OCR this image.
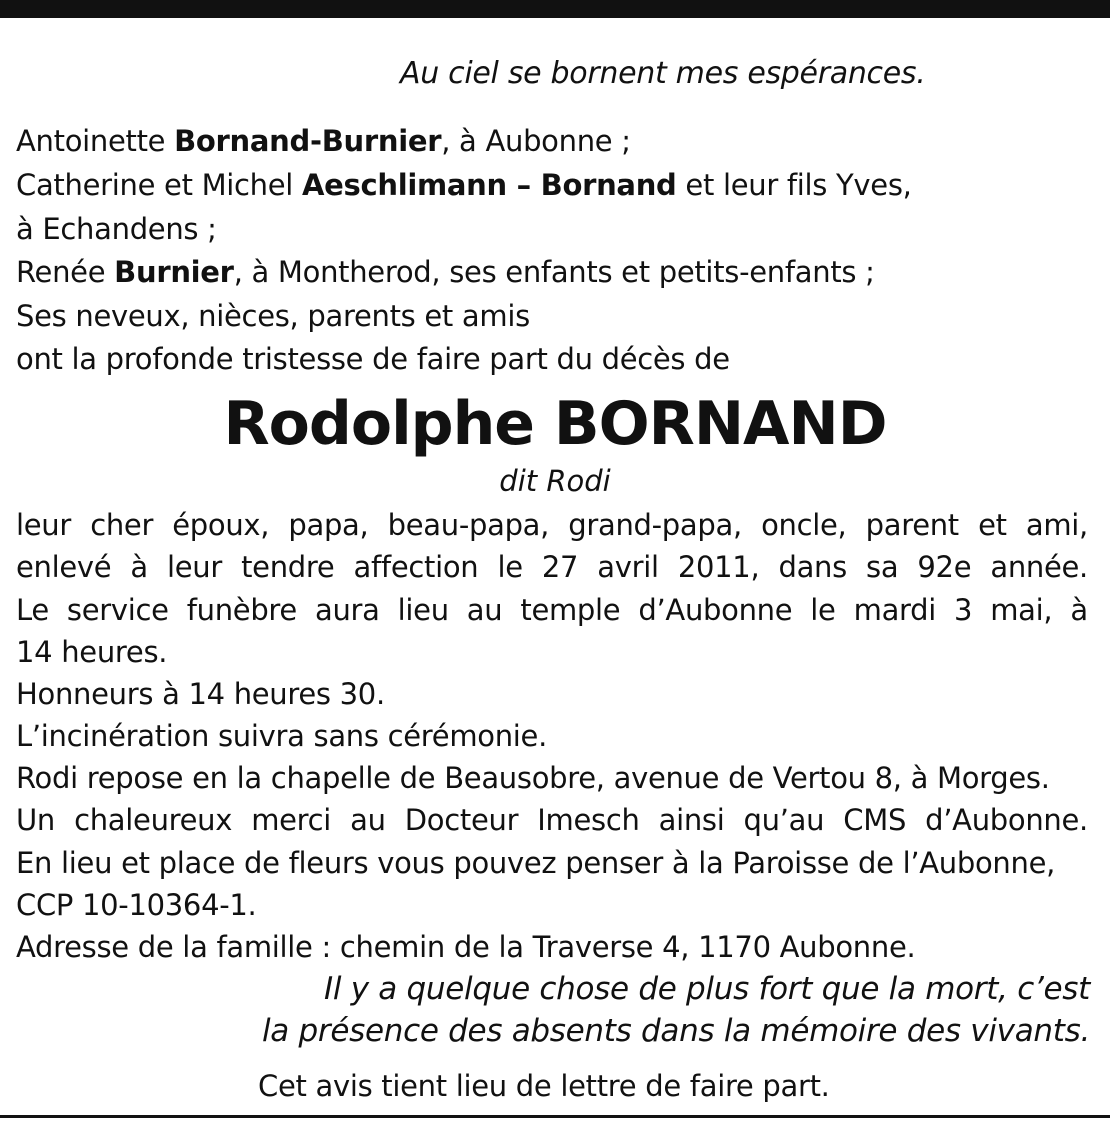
Au ciel se bornent mes espérances.
Antoinette Bornand-Burnier, à Aubonne ;
Catherine et Michel Aeschlimann – Bornand et leur fils Yves,
à Echandens ;
Renée Burnier, à Montherod, ses enfants et petits-enfants ;
Ses neveux, nièces, parents et amis
ont la profonde tristesse de faire part du décès de
Rodolphe BORNAND
dit Rodi
leur cher époux, papa, beau-papa, grand-papa, oncle, parent et ami,
enlevé à leur tendre affection le 27 avril 2011, dans sa 92e année.
Le service funèbre aura lieu au temple d’Aubonne le mardi 3 mai, à
14 heures.
Honneurs à 14 heures 30.
L’incinération suivra sans cérémonie.
Rodi repose en la chapelle de Beausobre, avenue de Vertou 8, à Morges.
Un chaleureux merci au Docteur Imesch ainsi qu’au CMS d’Aubonne.
En lieu et place de fleurs vous pouvez penser à la Paroisse de l’Aubonne,
CCP 10-10364-1.
Adresse de la famille : chemin de la Traverse 4, 1170 Aubonne.
Il y a quelque chose de plus fort que la mort, c’est
la présence des absents dans la mémoire des vivants.
Cet avis tient lieu de lettre de faire part.
